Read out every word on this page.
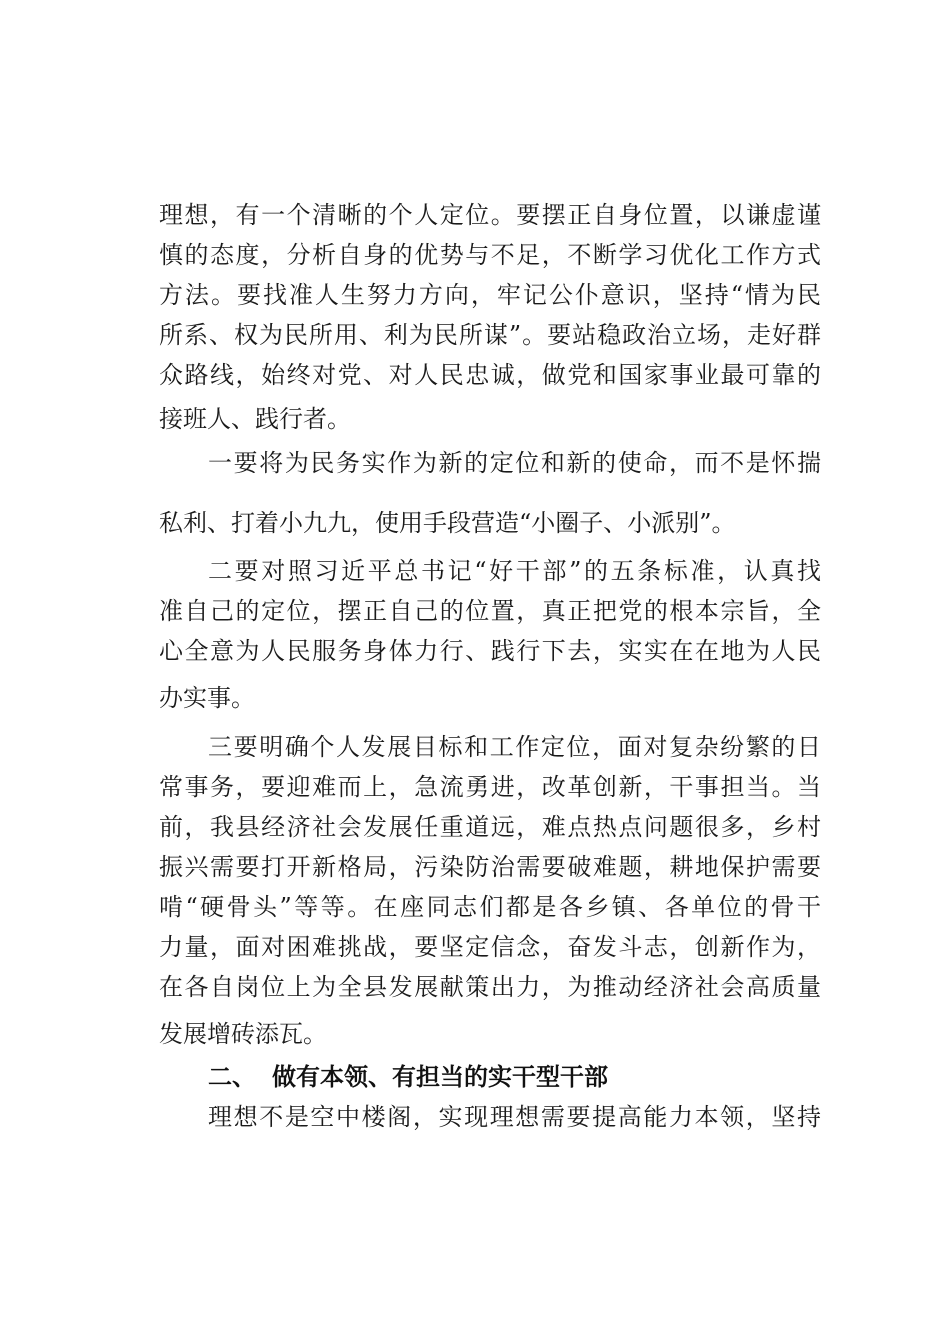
理想，有一个清晰的个人定位。要摆正自身位置，以谦虚谨
慎的态度，分析自身的优势与不足，不断学习优化工作方式
方法。要找准人生努力方向，牢记公仆意识，坚持“情为民
所系、权为民所用、利为民所谋”。要站稳政治立场，走好群
众路线，始终对党、对人民忠诚，做党和国家事业最可靠的
接班人、践行者。
一要将为民务实作为新的定位和新的使命，而不是怀揣
私利、打着小九九，使用手段营造“小圈子、小派别”。
二要对照习近平总书记“好干部”的五条标准，认真找
准自己的定位，摆正自己的位置，真正把党的根本宗旨，全
心全意为人民服务身体力行、践行下去，实实在在地为人民
办实事。
三要明确个人发展目标和工作定位，面对复杂纷繁的日
常事务，要迎难而上，急流勇进，改革创新，干事担当。当
前，我县经济社会发展任重道远，难点热点问题很多，乡村
振兴需要打开新格局，污染防治需要破难题，耕地保护需要
啃“硬骨头”等等。在座同志们都是各乡镇、各单位的骨干
力量，面对困难挑战，要坚定信念，奋发斗志，创新作为，
在各自岗位上为全县发展献策出力，为推动经济社会高质量
发展增砖添瓦。
二、 做有本领、有担当的实干型干部
理想不是空中楼阁，实现理想需要提高能力本领，坚持
